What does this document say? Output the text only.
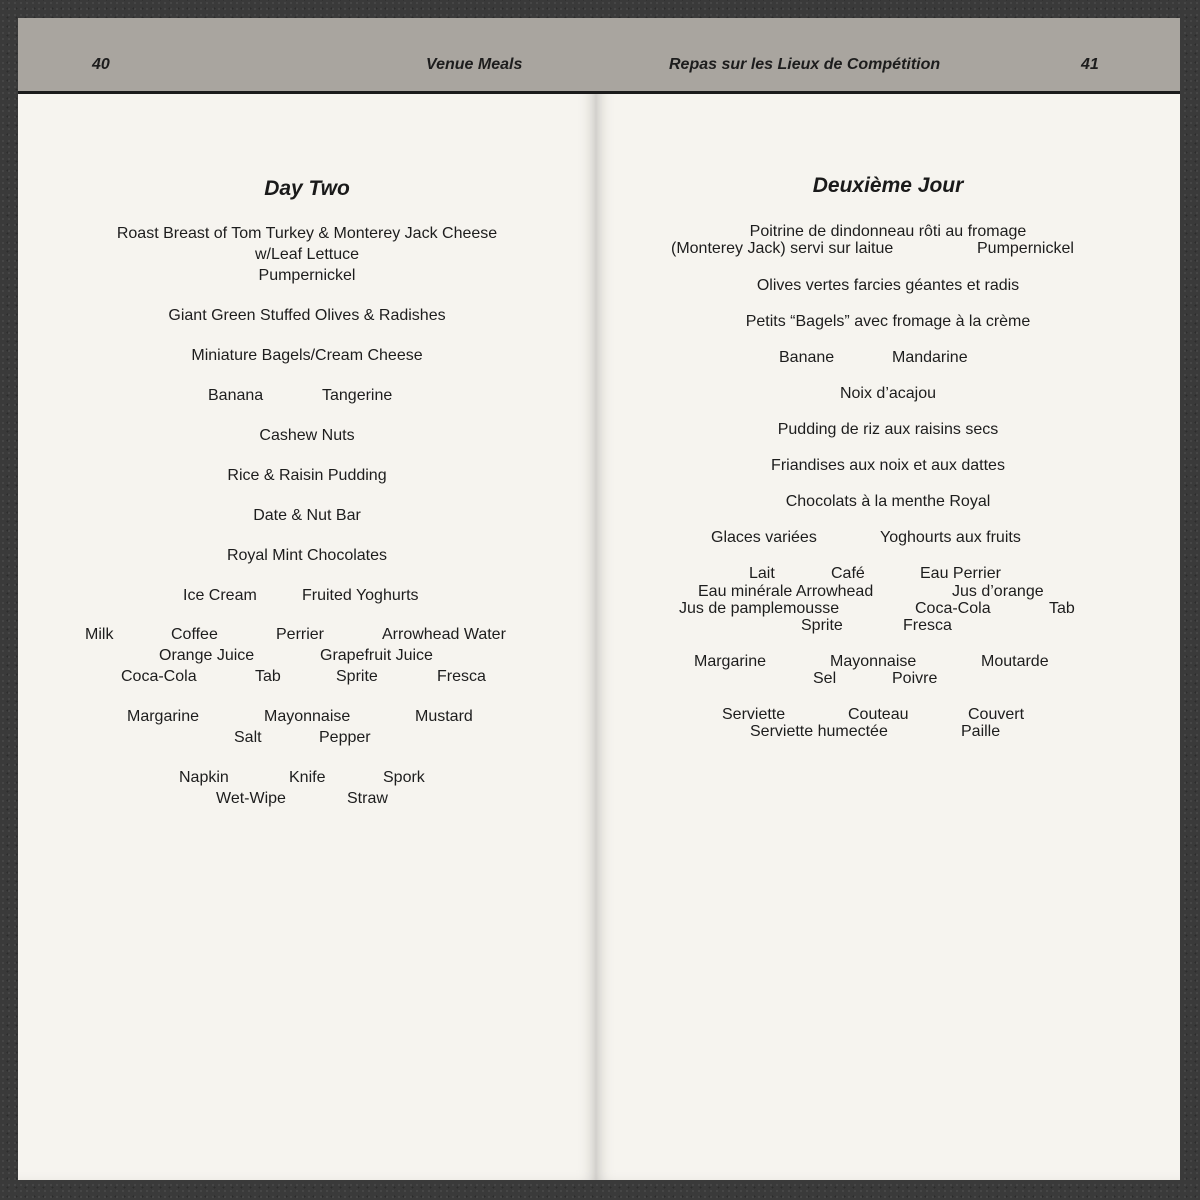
40	Venue Meals
Day Two
Roast Breast of Tom Turkey & Monterey Jack Cheese
w/Leaf Lettuce
Pumpernickel
Giant Green Stuffed Olives & Radishes
Miniature Bagels/Cream Cheese
Banana	Tangerine
Cashew Nuts
Rice & Raisin Pudding
Date & Nut Bar
Royal Mint Chocolates
Ice Cream	Fruited Yoghurts
Milk	Coffee	Perrier	Arrowhead Water
Orange Juice	Grapefruit Juice
Coca-Cola	Tab	Sprite	Fresca
Margarine	Mayonnaise	Mustard
Salt	Pepper
Napkin	Knife	Spork
Wet-Wipe	Straw
Repas sur les Lieux de Compétition	41
Deuxième Jour
Poitrine de dindonneau rôti au fromage
(Monterey Jack) servi sur laitue	Pumpernickel
Olives vertes farcies géantes et radis
Petits “Bagels” avec fromage à la crème
Banane	Mandarine
Noix d’acajou
Pudding de riz aux raisins secs
Friandises aux noix et aux dattes
Chocolats à la menthe Royal
Glaces variées	Yoghourts aux fruits
Lait	Café	Eau Perrier
Eau minérale Arrowhead	Jus d’orange
Jus de pamplemousse	Coca-Cola	Tab
Sprite	Fresca
Margarine	Mayonnaise	Moutarde
Sel	Poivre
Serviette	Couteau	Couvert
Serviette humectée	Paille
